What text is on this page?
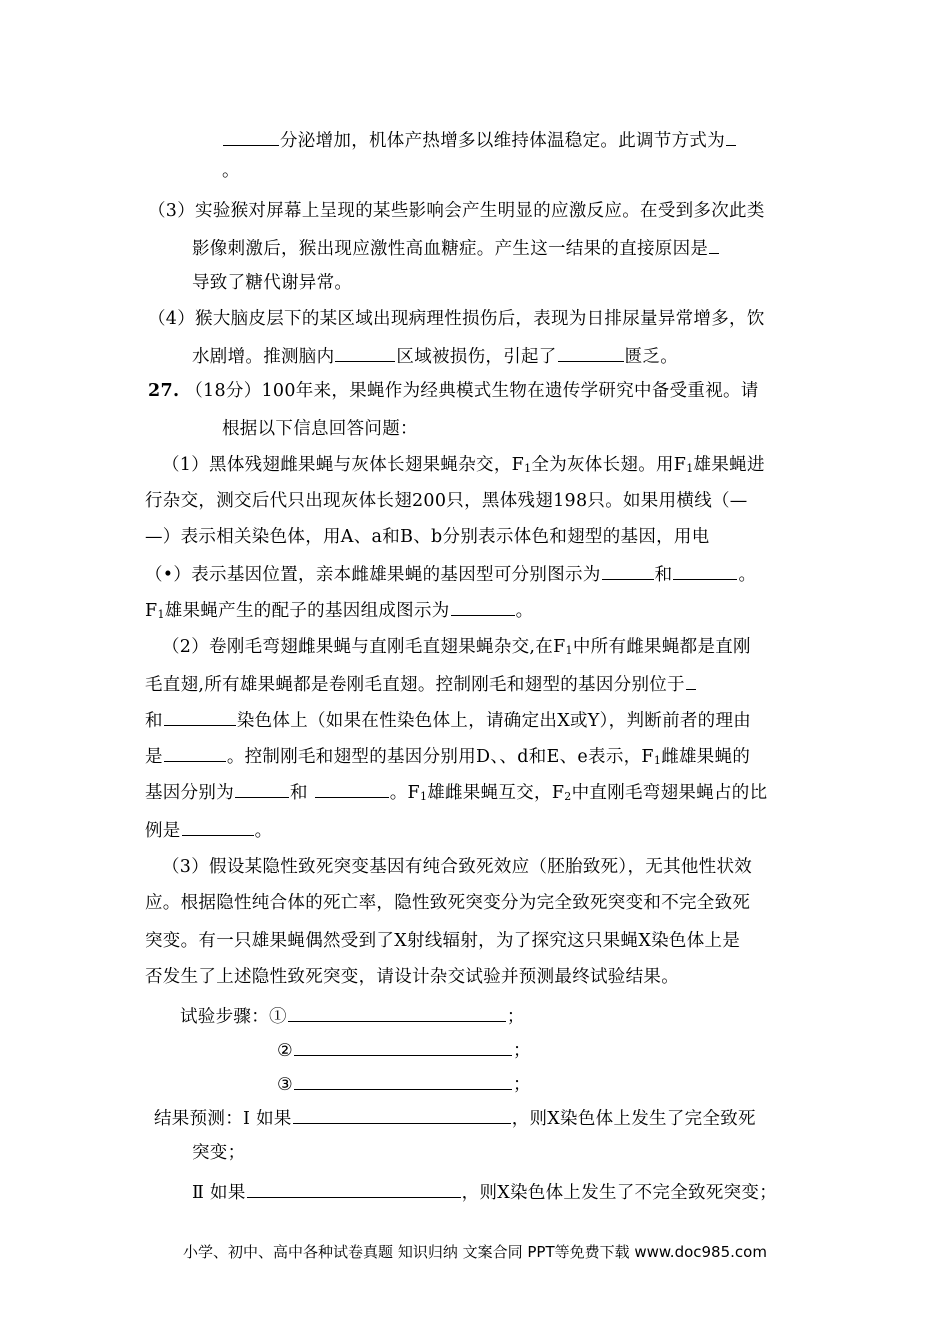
分泌增加，机体产热增多以维持体温稳定。此调节方式为
。
（3）实验猴对屏幕上呈现的某些影响会产生明显的应激反应。在受到多次此类
影像刺激后，猴出现应激性高血糖症。产生这一结果的直接原因是
导致了糖代谢异常。
（4）猴大脑皮层下的某区域出现病理性损伤后，表现为日排尿量异常增多，饮
水剧增。推测脑内	区域被损伤，引起了	匮乏。
27. （18分）100年来，果蝇作为经典模式生物在遗传学研究中备受重视。请
根据以下信息回答问题：
（1）黑体残翅雌果蝇与灰体长翅果蝇杂交，$F_1$全为灰体长翅。用$F_1$雄果蝇进
行杂交，测交后代只出现灰体长翅200只，黑体残翅198只。如果用横线（—
—）表示相关染色体，用A、a和B、b分别表示体色和翅型的基因，用电
（•）表示基因位置，亲本雌雄果蝇的基因型可分别图示为	和	。
$F_1$雄果蝇产生的配子的基因组成图示为	。
（2）卷刚毛弯翅雌果蝇与直刚毛直翅果蝇杂交,在$F_1$中所有雌果蝇都是直刚
毛直翅,所有雄果蝇都是卷刚毛直翅。控制刚毛和翅型的基因分别位于
和	染色体上（如果在性染色体上，请确定出X或Y），判断前者的理由
是	。控制刚毛和翅型的基因分别用D、、d和E、e表示，$F_1$雌雄果蝇的
基因分别为	和	。$F_1$雄雌果蝇互交，$F_2$中直刚毛弯翅果蝇占的比
例是	。
（3）假设某隐性致死突变基因有纯合致死效应（胚胎致死），无其他性状效
应。根据隐性纯合体的死亡率，隐性致死突变分为完全致死突变和不完全致死
突变。有一只雄果蝇偶然受到了X射线辐射，为了探究这只果蝇X染色体上是
否发生了上述隐性致死突变，请设计杂交试验并预测最终试验结果。
试验步骤：①	；
②	；
③	；
结果预测：Ⅰ 如果	，则X染色体上发生了完全致死
突变；
Ⅱ 如果	，则X染色体上发生了不完全致死突变；
小学、初中、高中各种试卷真题 知识归纳 文案合同 PPT等免费下载 www.doc985.com
